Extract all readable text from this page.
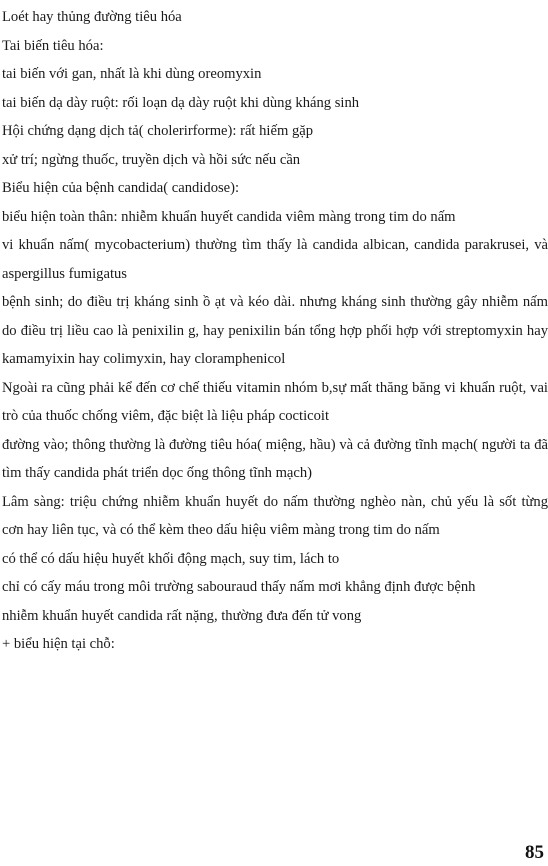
Loét hay thủng đường tiêu hóa

Tai biến tiêu hóa:

tai biến với gan, nhất là khi dùng oreomyxin

tai biến dạ dày ruột: rối loạn dạ dày ruột khi dùng kháng sinh

Hội chứng dạng dịch tả( cholerirforme): rất hiếm gặp

xử trí; ngừng thuốc, truyền dịch và hồi sức nếu cần

Biểu hiện của bệnh candida( candidose):

biểu hiện toàn thân: nhiễm khuẩn huyết candida viêm màng trong tim do nấm

vi khuẩn nấm( mycobacterium) thường tìm thấy là candida albican, candida parakrusei, và aspergillus fumigatus

bệnh sinh; do điều trị kháng sinh ồ ạt và kéo dài. nhưng kháng sinh thường gây nhiễm nấm do điều trị liều cao là penixilin g, hay penixilin bán tổng hợp phối hợp với streptomyxin hay kamamyixin hay colimyxin, hay cloramphenicol

Ngoài ra cũng phải kể đến cơ chế thiếu vitamin nhóm b,sự mất thăng băng vi khuẩn ruột, vai trò của thuốc chống viêm, đặc biệt là liệu pháp cocticoit

đường vào; thông thường là đường tiêu hóa( miệng, hầu) và cả đường tĩnh mạch( người ta đã tìm thấy candida phát triển dọc ống thông tĩnh mạch)

Lâm sàng: triệu chứng nhiễm khuẩn huyết do nấm thường nghèo nàn, chủ yếu là sốt từng cơn hay liên tục, và có thể kèm theo dấu hiệu viêm màng trong tim do nấm

có thể có dấu hiệu huyết khối động mạch, suy tim, lách to

chỉ có cấy máu trong môi trường sabouraud thấy nấm mơi khẳng định được bệnh

nhiễm khuẩn huyết candida rất nặng, thường đưa đến tử vong

+ biểu hiện tại chỗ:

85
